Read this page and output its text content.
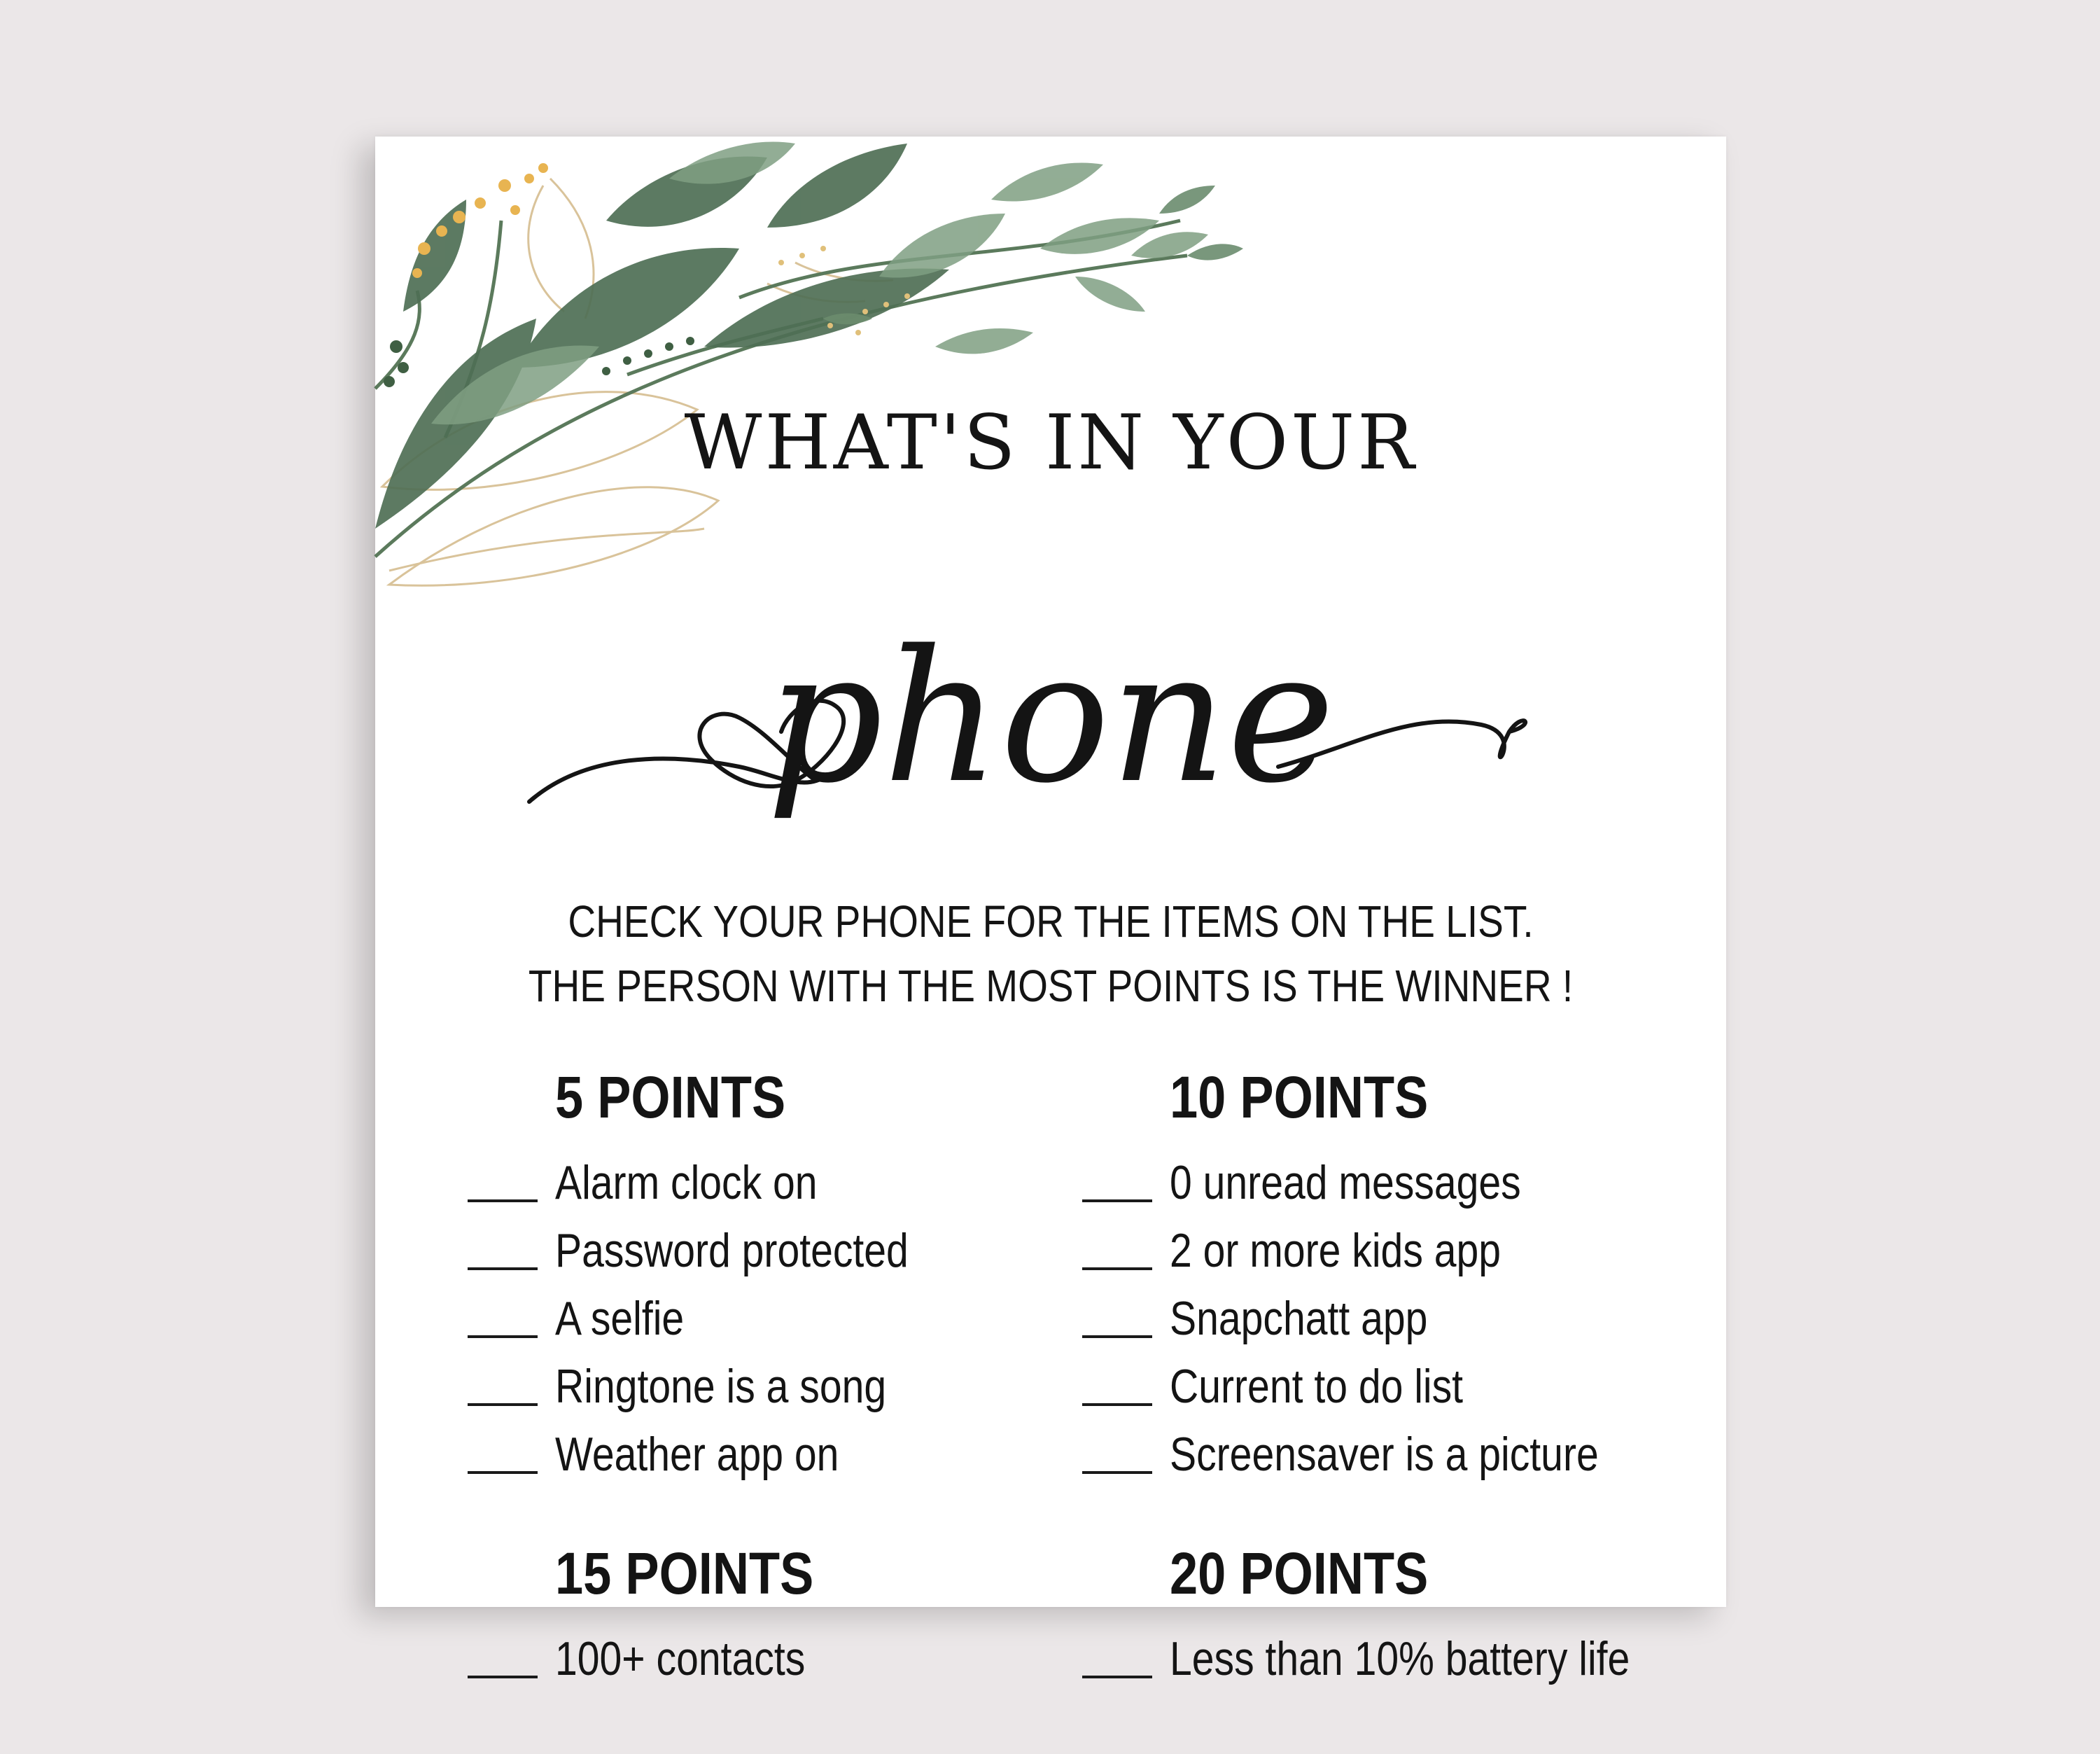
WHAT'S IN YOUR
phone
CHECK YOUR PHONE FOR THE ITEMS ON THE LIST.
THE PERSON WITH THE MOST POINTS IS THE WINNER !
5 POINTS
Alarm clock on
Password protected
A selfie
Ringtone is a song
Weather app on
10 POINTS
0 unread messages
2 or more kids app
Snapchatt app
Current to do list
Screensaver is a picture
15 POINTS
100+ contacts
20 POINTS
Less than 10% battery life
